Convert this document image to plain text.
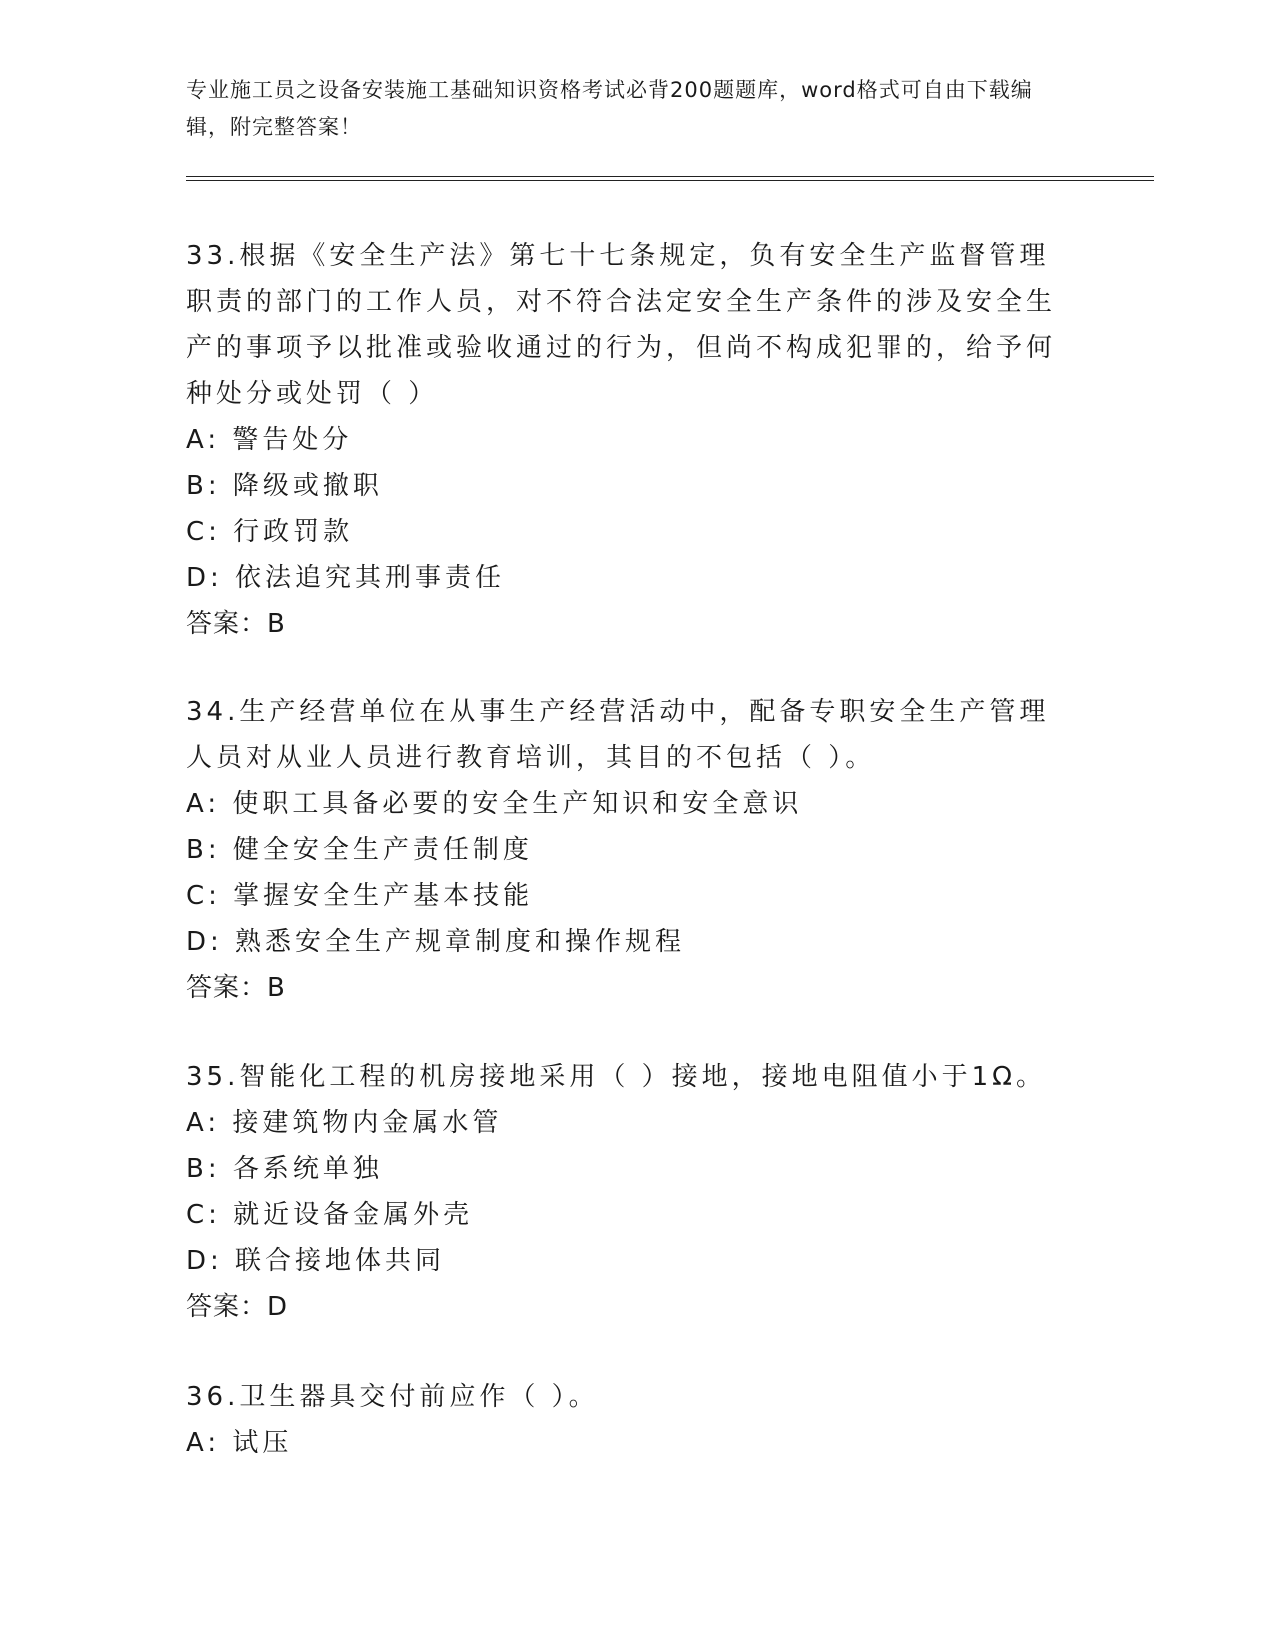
专业施工员之设备安装施工基础知识资格考试必背200题题库，word格式可自由下载编辑，附完整答案！

33.根据《安全生产法》第七十七条规定，负有安全生产监督管理职责的部门的工作人员，对不符合法定安全生产条件的涉及安全生产的事项予以批准或验收通过的行为，但尚不构成犯罪的，给予何种处分或处罚（ ）

A: 警告处分

B: 降级或撤职

C: 行政罚款

D: 依法追究其刑事责任

答案：B

34.生产经营单位在从事生产经营活动中，配备专职安全生产管理人员对从业人员进行教育培训，其目的不包括（ ）。

A: 使职工具备必要的安全生产知识和安全意识

B: 健全安全生产责任制度

C: 掌握安全生产基本技能

D: 熟悉安全生产规章制度和操作规程

答案：B

35.智能化工程的机房接地采用（ ）接地，接地电阻值小于1Ω。

A: 接建筑物内金属水管

B: 各系统单独

C: 就近设备金属外壳

D: 联合接地体共同

答案：D

36.卫生器具交付前应作（ ）。

A: 试压
